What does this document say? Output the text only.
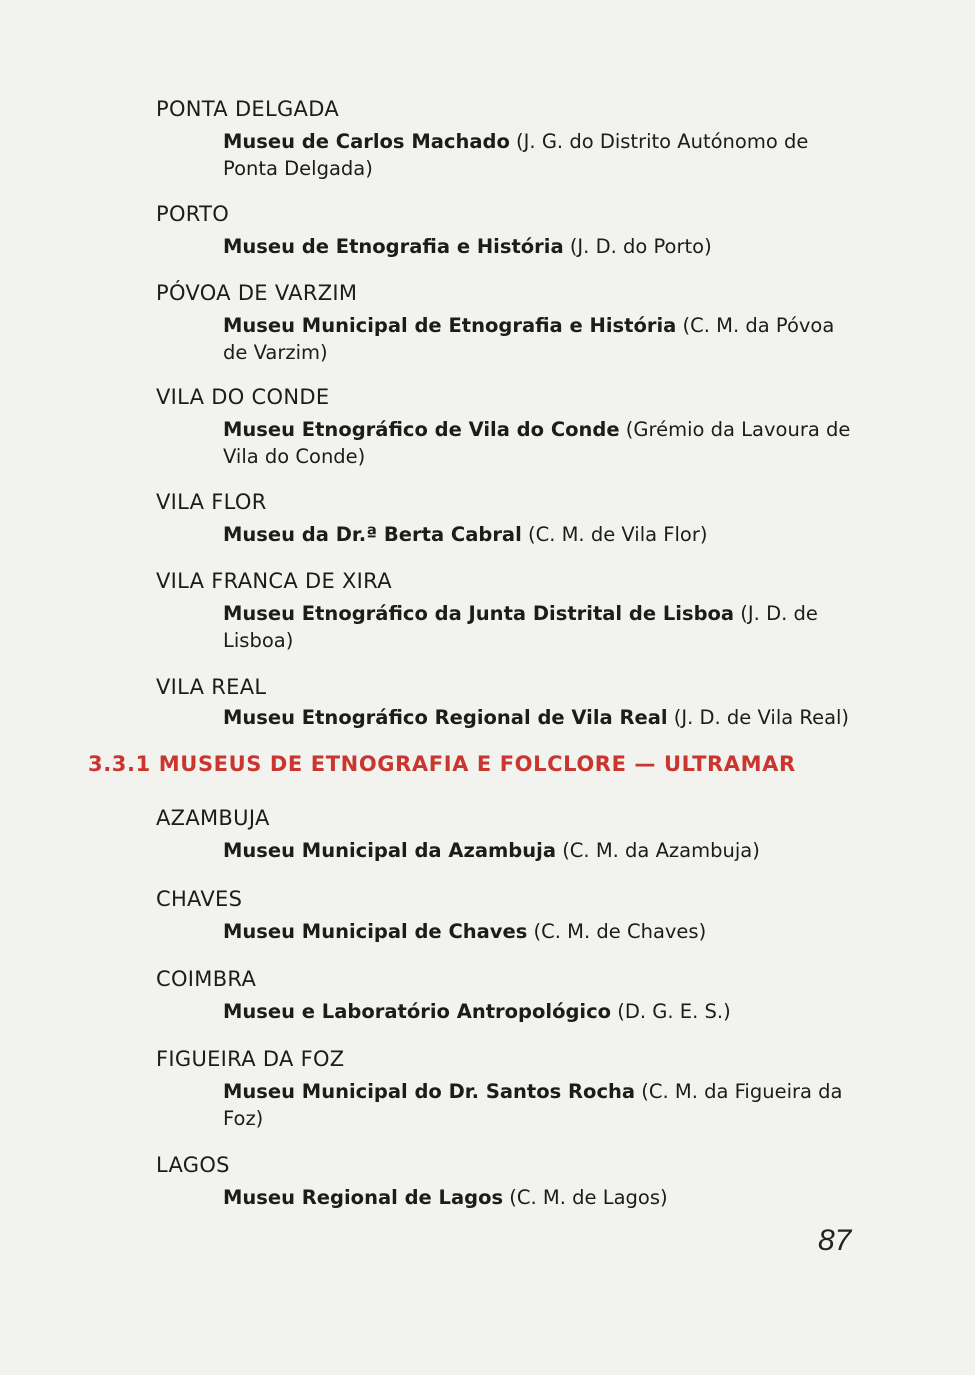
PONTA DELGADA
Museu de Carlos Machado (J. G. do Distrito Autónomo de Ponta Delgada)
PORTO
Museu de Etnografia e História (J. D. do Porto)
PÓVOA DE VARZIM
Museu Municipal de Etnografia e História (C. M. da Póvoa de Varzim)
VILA DO CONDE
Museu Etnográfico de Vila do Conde (Grémio da Lavoura de Vila do Conde)
VILA FLOR
Museu da Dr.ª Berta Cabral (C. M. de Vila Flor)
VILA FRANCA DE XIRA
Museu Etnográfico da Junta Distrital de Lisboa (J. D. de Lisboa)
VILA REAL
Museu Etnográfico Regional de Vila Real (J. D. de Vila Real)
3.3.1 MUSEUS DE ETNOGRAFIA E FOLCLORE — ULTRAMAR
AZAMBUJA
Museu Municipal da Azambuja (C. M. da Azambuja)
CHAVES
Museu Municipal de Chaves (C. M. de Chaves)
COIMBRA
Museu e Laboratório Antropológico (D. G. E. S.)
FIGUEIRA DA FOZ
Museu Municipal do Dr. Santos Rocha (C. M. da Figueira da Foz)
LAGOS
Museu Regional de Lagos (C. M. de Lagos)
87
